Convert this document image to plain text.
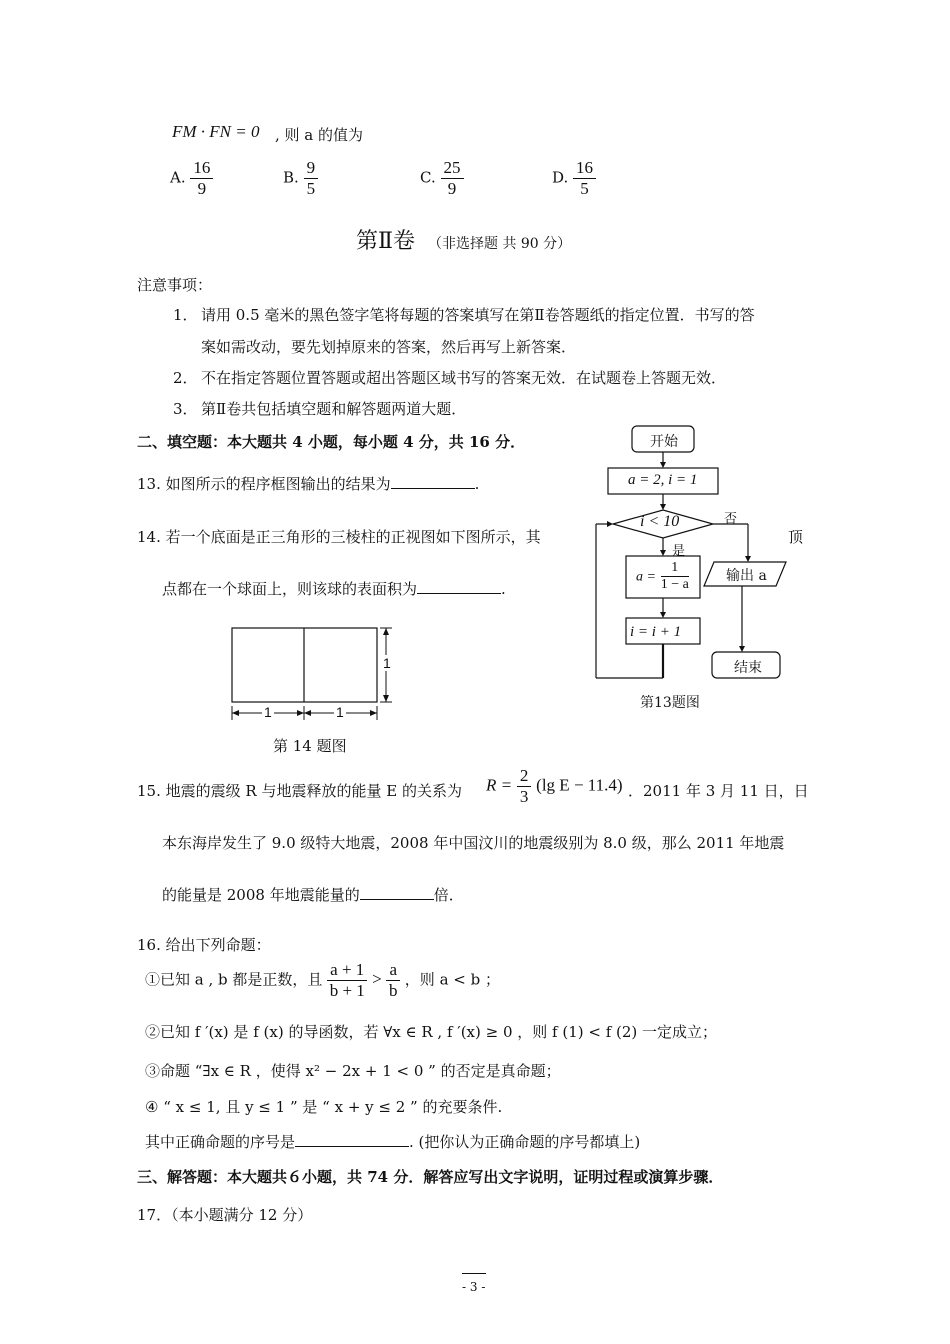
FM · FN = 0 , 则 a 的值为
A. $\frac{16}{9}$	B. $\frac{9}{5}$	C. $\frac{25}{9}$	D. $\frac{16}{5}$
第Ⅱ卷 （非选择题 共 90 分）
注意事项：
1． 请用 0.5 毫米的黑色签字笔将每题的答案填写在第Ⅱ卷答题纸的指定位置．书写的答
案如需改动，要先划掉原来的答案，然后再写上新答案．
2． 不在指定答题位置答题或超出答题区域书写的答案无效．在试题卷上答题无效．
3． 第Ⅱ卷共包括填空题和解答题两道大题．
二、填空题：本大题共 4 小题，每小题 4 分，共 16 分．
13. 如图所示的程序框图输出的结果为	.
14. 若一个底面是正三角形的三棱柱的正视图如下图所示，其	顶
点都在一个球面上，则该球的表面积为	.
1
1	1
第 14 题图
开始
a = 2, i = 1
i < 10	否
是
$a = \frac{1}{1 - a}$
i = i + 1
输出 a
结束
第13题图
15. 地震的震级 R 与地震释放的能量 E 的关系为 $R = \frac{2}{3} (\lg$ E − 11.4) ．2011 年 3 月 11 日，日
本东海岸发生了 9.0 级特大地震，2008 年中国汶川的地震级别为 8.0 级，那么 2011 年地震
的能量是 2008 年地震能量的	倍．
16. 给出下列命题：
①已知 a , b 都是正数，且 $\frac{a + 1}{b + 1} > \frac{a}{b}$ ，则 a < b ；
②已知 f ′(x) 是 f (x) 的导函数，若 ∀x ∈ R , f ′(x) ≥ 0 ，则 f (1) < f (2) 一定成立；
③命题 “∃x ∈ R ，使得 x² − 2x + 1 < 0 ” 的否定是真命题；
④ “ x ≤ 1, 且 y ≤ 1 ” 是 “ x + y ≤ 2 ” 的充要条件.
其中正确命题的序号是	. (把你认为正确命题的序号都填上)
三、解答题：本大题共６小题，共 74 分．解答应写出文字说明，证明过程或演算步骤．
17．（本小题满分 12 分）
- 3 -
